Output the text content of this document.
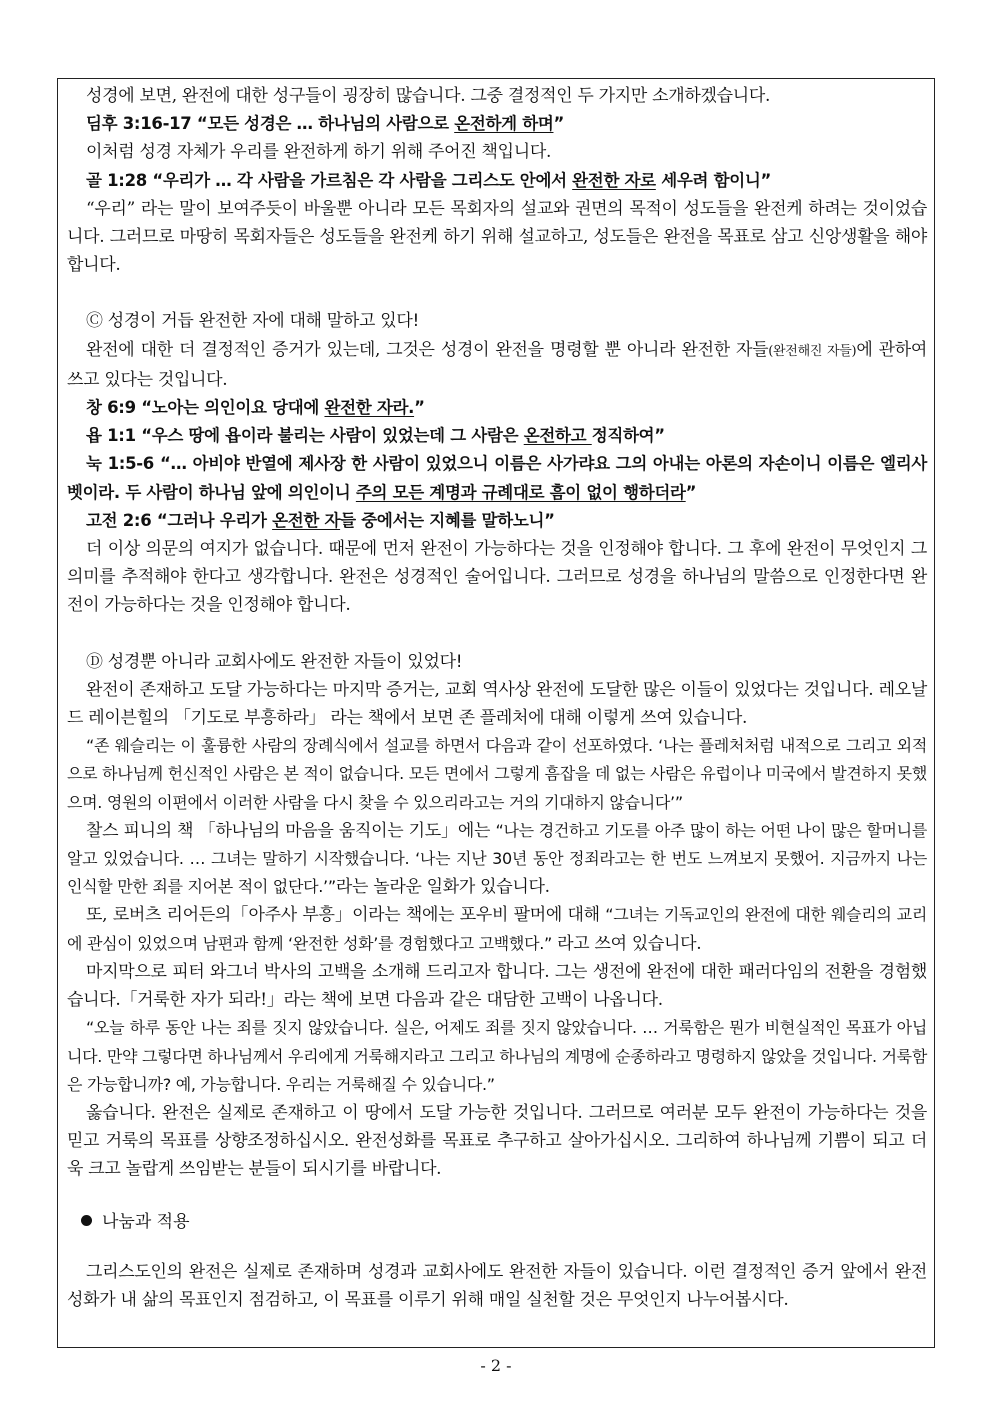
성경에 보면, 완전에 대한 성구들이 굉장히 많습니다. 그중 결정적인 두 가지만 소개하겠습니다.

딤후 3:16-17 “모든 성경은 … 하나님의 사람으로 온전하게 하며”

이처럼 성경 자체가 우리를 완전하게 하기 위해 주어진 책입니다.

골 1:28 “우리가 … 각 사람을 가르침은 각 사람을 그리스도 안에서 완전한 자로 세우려 함이니”

“우리” 라는 말이 보여주듯이 바울뿐 아니라 모든 목회자의 설교와 권면의 목적이 성도들을 완전케 하려는 것이었습니다. 그러므로 마땅히 목회자들은 성도들을 완전케 하기 위해 설교하고, 성도들은 완전을 목표로 삼고 신앙생활을 해야 합니다.

Ⓒ 성경이 거듭 완전한 자에 대해 말하고 있다!

완전에 대한 더 결정적인 증거가 있는데, 그것은 성경이 완전을 명령할 뿐 아니라 완전한 자들(완전해진 자들)에 관하여 쓰고 있다는 것입니다.

창 6:9 “노아는 의인이요 당대에 완전한 자라.”

욥 1:1 “우스 땅에 욥이라 불리는 사람이 있었는데 그 사람은 온전하고 정직하여”

눅 1:5-6 “… 아비야 반열에 제사장 한 사람이 있었으니 이름은 사가랴요 그의 아내는 아론의 자손이니 이름은 엘리사벳이라. 두 사람이 하나님 앞에 의인이니 주의 모든 계명과 규례대로 흠이 없이 행하더라”

고전 2:6 “그러나 우리가 온전한 자들 중에서는 지혜를 말하노니”

더 이상 의문의 여지가 없습니다. 때문에 먼저 완전이 가능하다는 것을 인정해야 합니다. 그 후에 완전이 무엇인지 그 의미를 추적해야 한다고 생각합니다. 완전은 성경적인 술어입니다. 그러므로 성경을 하나님의 말씀으로 인정한다면 완전이 가능하다는 것을 인정해야 합니다.

Ⓓ 성경뿐 아니라 교회사에도 완전한 자들이 있었다!

완전이 존재하고 도달 가능하다는 마지막 증거는, 교회 역사상 완전에 도달한 많은 이들이 있었다는 것입니다. 레오날드 레이븐힐의 「기도로 부흥하라」 라는 책에서 보면 존 플레처에 대해 이렇게 쓰여 있습니다.

“존 웨슬리는 이 훌륭한 사람의 장례식에서 설교를 하면서 다음과 같이 선포하였다. ‘나는 플레처처럼 내적으로 그리고 외적으로 하나님께 헌신적인 사람은 본 적이 없습니다. 모든 면에서 그렇게 흠잡을 데 없는 사람은 유럽이나 미국에서 발견하지 못했으며. 영원의 이편에서 이러한 사람을 다시 찾을 수 있으리라고는 거의 기대하지 않습니다’”

찰스 피니의 책 「하나님의 마음을 움직이는 기도」에는 “나는 경건하고 기도를 아주 많이 하는 어떤 나이 많은 할머니를 알고 있었습니다. … 그녀는 말하기 시작했습니다. ‘나는 지난 30년 동안 정죄라고는 한 번도 느껴보지 못했어. 지금까지 나는 인식할 만한 죄를 지어본 적이 없단다.’”라는 놀라운 일화가 있습니다.

또, 로버츠 리어든의「아주사 부흥」이라는 책에는 포우비 팔머에 대해 “그녀는 기독교인의 완전에 대한 웨슬리의 교리에 관심이 있었으며 남편과 함께 ‘완전한 성화’를 경험했다고 고백했다.” 라고 쓰여 있습니다.

마지막으로 피터 와그너 박사의 고백을 소개해 드리고자 합니다. 그는 생전에 완전에 대한 패러다임의 전환을 경험했습니다.「거룩한 자가 되라!」라는 책에 보면 다음과 같은 대담한 고백이 나옵니다.

“오늘 하루 동안 나는 죄를 짓지 않았습니다. 실은, 어제도 죄를 짓지 않았습니다. … 거룩함은 뭔가 비현실적인 목표가 아닙니다. 만약 그렇다면 하나님께서 우리에게 거룩해지라고 그리고 하나님의 계명에 순종하라고 명령하지 않았을 것입니다. 거룩함은 가능합니까? 예, 가능합니다. 우리는 거룩해질 수 있습니다.”

옳습니다. 완전은 실제로 존재하고 이 땅에서 도달 가능한 것입니다. 그러므로 여러분 모두 완전이 가능하다는 것을 믿고 거룩의 목표를 상향조정하십시오. 완전성화를 목표로 추구하고 살아가십시오. 그리하여 하나님께 기쁨이 되고 더욱 크고 놀랍게 쓰임받는 분들이 되시기를 바랍니다.

나눔과 적용

그리스도인의 완전은 실제로 존재하며 성경과 교회사에도 완전한 자들이 있습니다. 이런 결정적인 증거 앞에서 완전 성화가 내 삶의 목표인지 점검하고, 이 목표를 이루기 위해 매일 실천할 것은 무엇인지 나누어봅시다.

- 2 -
